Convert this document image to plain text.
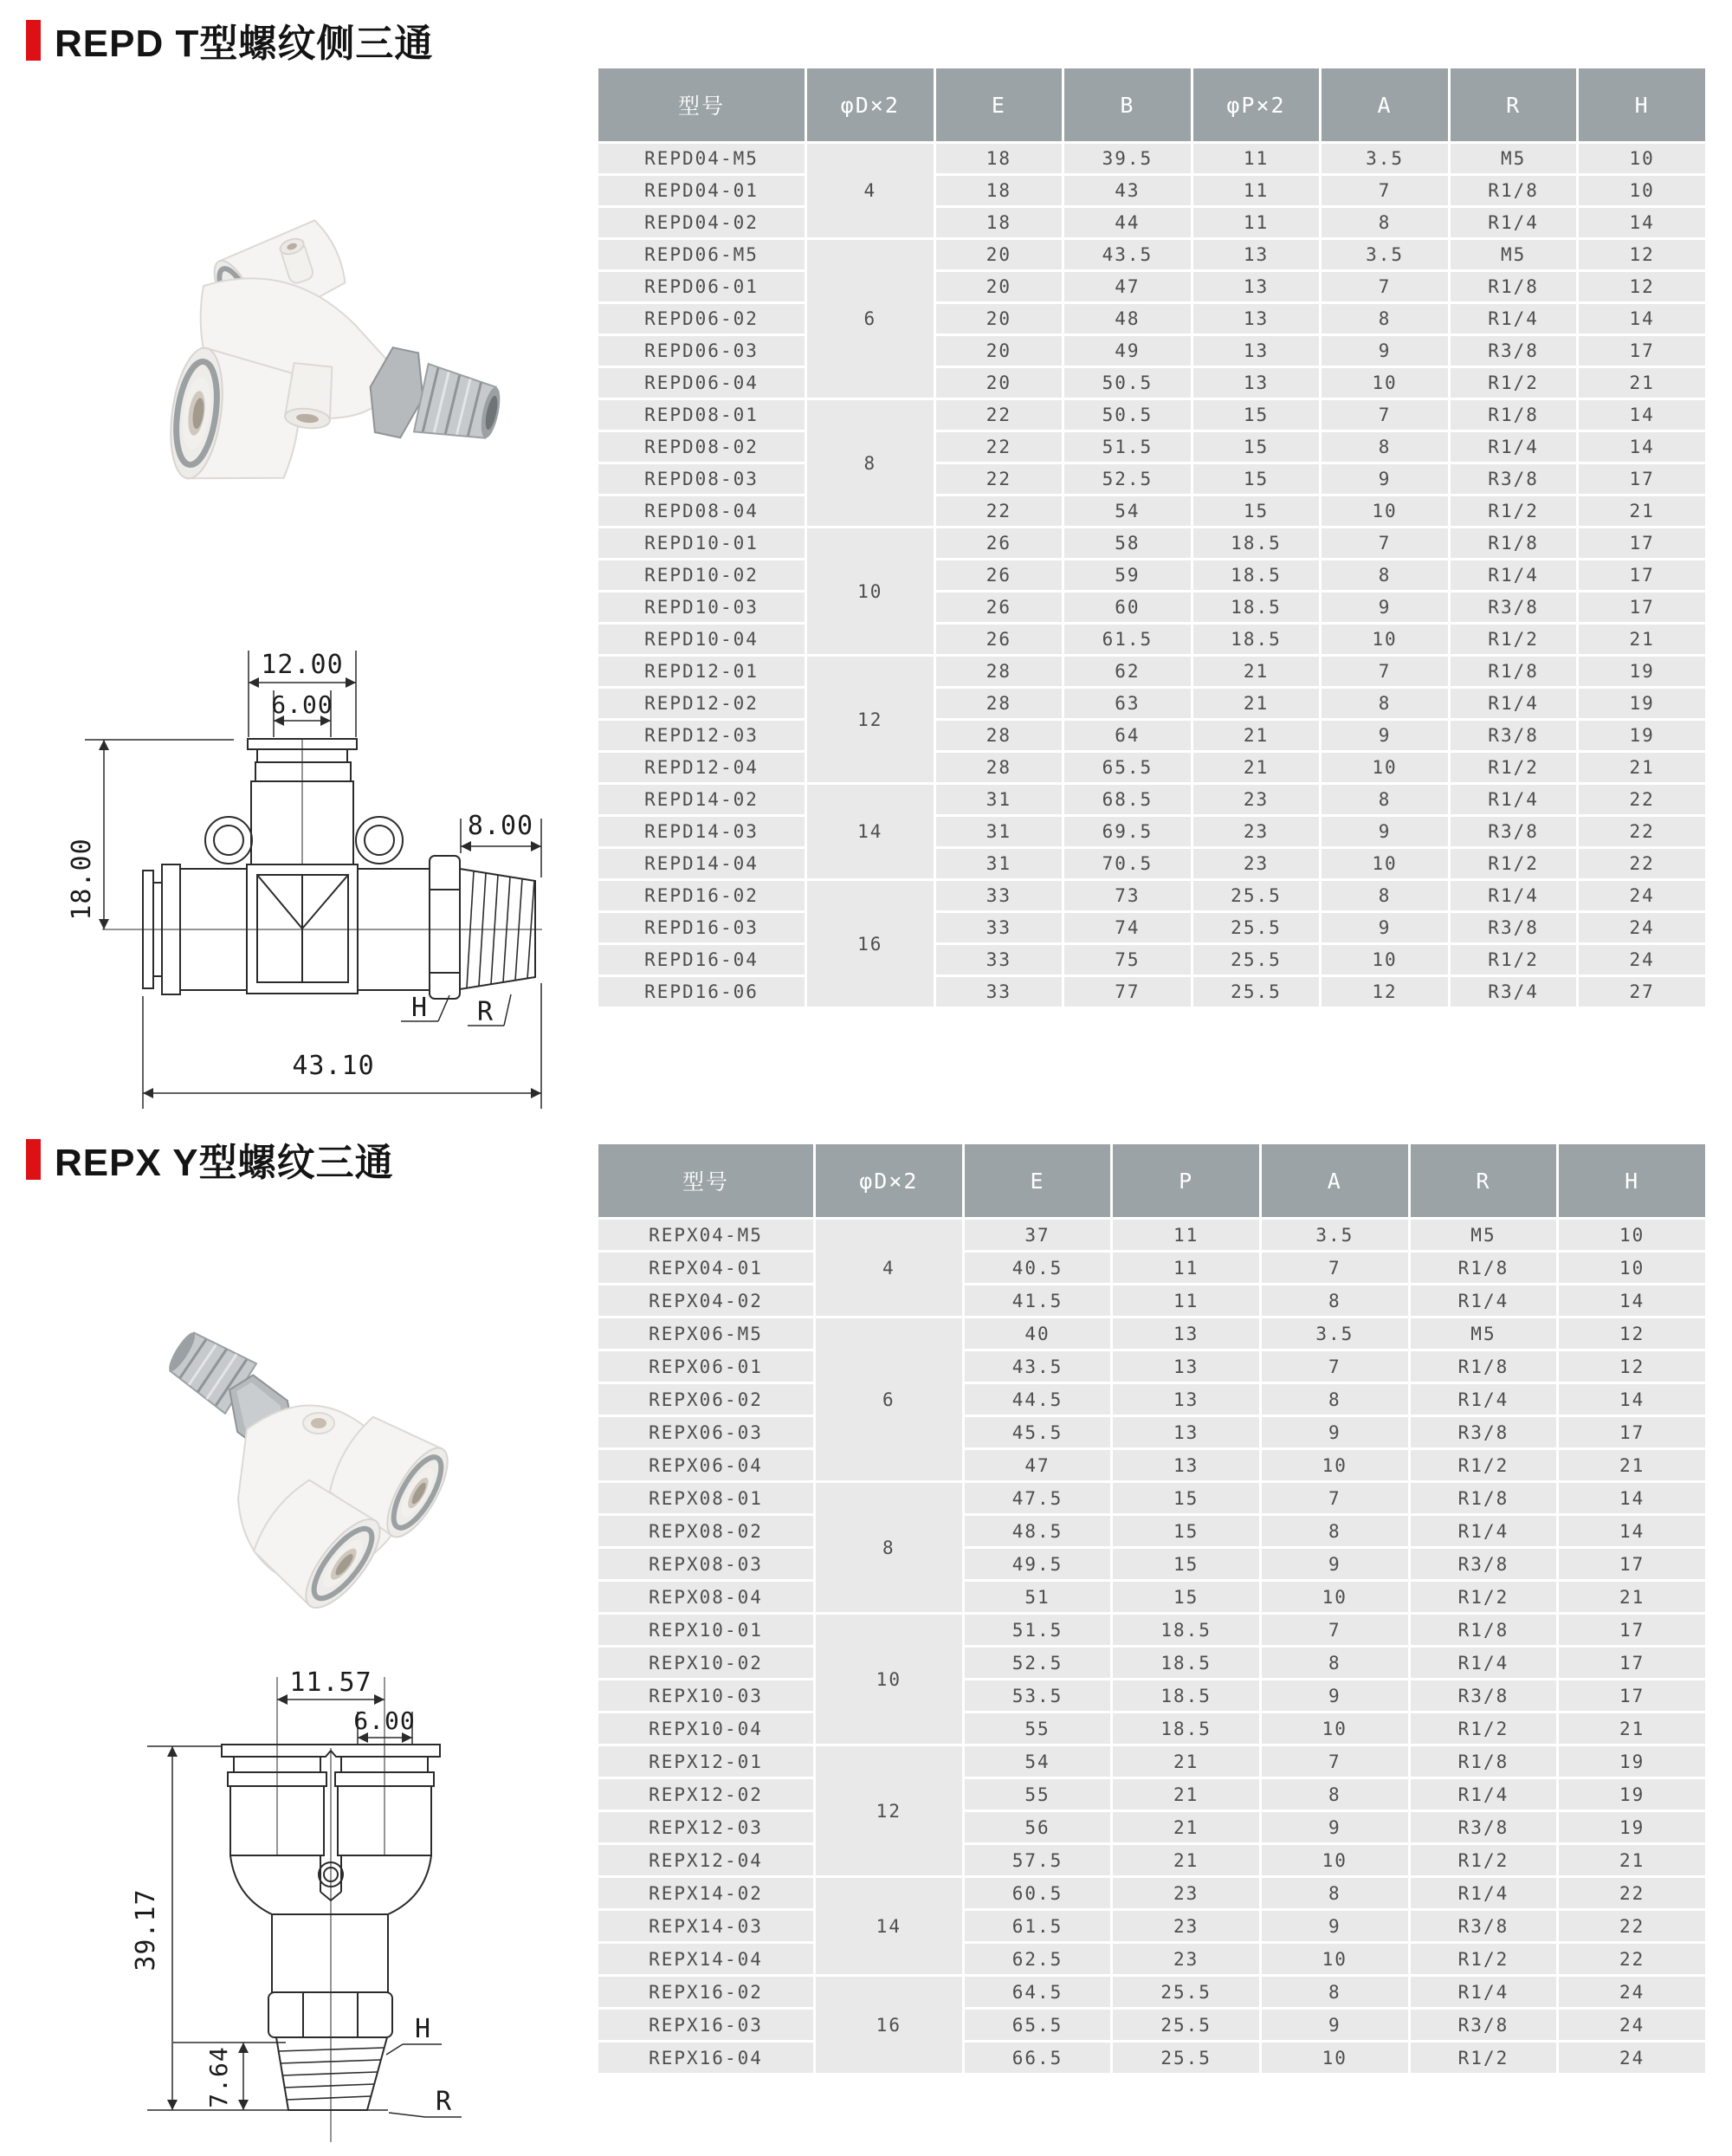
REPD T型螺纹侧三通
12.00
6.00
18.00
8.00
43.10
H R
型号	φD×2	E	B	φP×2	A	R	H
REPD04-M5	4	18	39.5	11	3.5	M5	10
REPD04-01		18	43	11	7	R1/8	10
REPD04-02		18	44	11	8	R1/4	14
REPD06-M5	6	20	43.5	13	3.5	M5	12
REPD06-01		20	47	13	7	R1/8	12
REPD06-02		20	48	13	8	R1/4	14
REPD06-03		20	49	13	9	R3/8	17
REPD06-04		20	50.5	13	10	R1/2	21
REPD08-01	8	22	50.5	15	7	R1/8	14
REPD08-02		22	51.5	15	8	R1/4	14
REPD08-03		22	52.5	15	9	R3/8	17
REPD08-04		22	54	15	10	R1/2	21
REPD10-01	10	26	58	18.5	7	R1/8	17
REPD10-02		26	59	18.5	8	R1/4	17
REPD10-03		26	60	18.5	9	R3/8	17
REPD10-04		26	61.5	18.5	10	R1/2	21
REPD12-01	12	28	62	21	7	R1/8	19
REPD12-02		28	63	21	8	R1/4	19
REPD12-03		28	64	21	9	R3/8	19
REPD12-04		28	65.5	21	10	R1/2	21
REPD14-02	14	31	68.5	23	8	R1/4	22
REPD14-03		31	69.5	23	9	R3/8	22
REPD14-04		31	70.5	23	10	R1/2	22
REPD16-02	16	33	73	25.5	8	R1/4	24
REPD16-03		33	74	25.5	9	R3/8	24
REPD16-04		33	75	25.5	10	R1/2	24
REPD16-06		33	77	25.5	12	R3/4	27
REPX Y型螺纹三通
11.57
6.00
39.17
7.64
H
R
型号	φD×2	E	P	A	R	H
REPX04-M5	4	37	11	3.5	M5	10
REPX04-01		40.5	11	7	R1/8	10
REPX04-02		41.5	11	8	R1/4	14
REPX06-M5	6	40	13	3.5	M5	12
REPX06-01		43.5	13	7	R1/8	12
REPX06-02		44.5	13	8	R1/4	14
REPX06-03		45.5	13	9	R3/8	17
REPX06-04		47	13	10	R1/2	21
REPX08-01	8	47.5	15	7	R1/8	14
REPX08-02		48.5	15	8	R1/4	14
REPX08-03		49.5	15	9	R3/8	17
REPX08-04		51	15	10	R1/2	21
REPX10-01	10	51.5	18.5	7	R1/8	17
REPX10-02		52.5	18.5	8	R1/4	17
REPX10-03		53.5	18.5	9	R3/8	17
REPX10-04		55	18.5	10	R1/2	21
REPX12-01	12	54	21	7	R1/8	19
REPX12-02		55	21	8	R1/4	19
REPX12-03		56	21	9	R3/8	19
REPX12-04		57.5	21	10	R1/2	21
REPX14-02	14	60.5	23	8	R1/4	22
REPX14-03		61.5	23	9	R3/8	22
REPX14-04		62.5	23	10	R1/2	22
REPX16-02	16	64.5	25.5	8	R1/4	24
REPX16-03		65.5	25.5	9	R3/8	24
REPX16-04		66.5	25.5	10	R1/2	24
